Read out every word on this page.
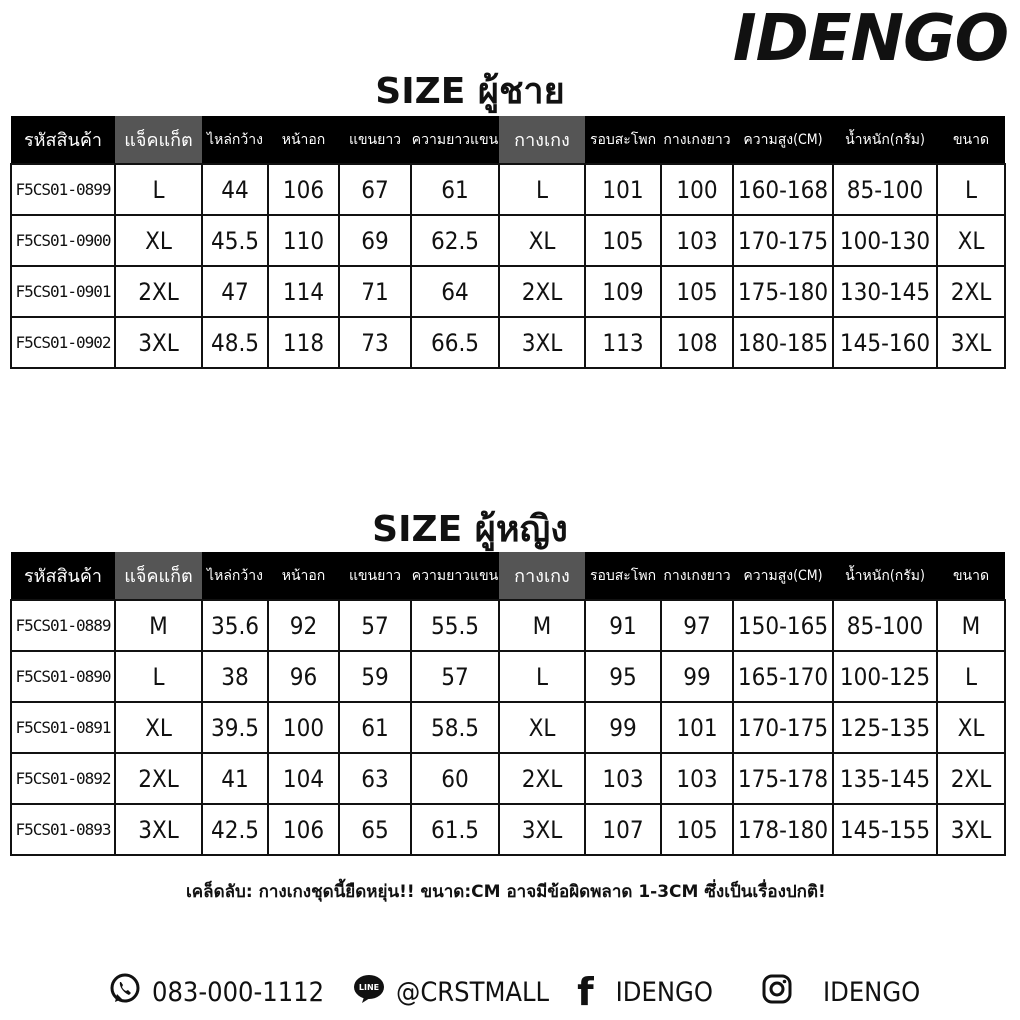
IDENGO
SIZE ผู้ชาย
รหัสสินค้า	แจ็คแก็ต	ไหล่กว้าง	หน้าอก	แขนยาว	ความยาวแขน	กางเกง	รอบสะโพก	กางเกงยาว	ความสูง(CM)	น้ำหนัก(กรัม)	ขนาด
F5CS01-0899	L	44	106	67	61	L	101	100	160-168	85-100	L
F5CS01-0900	XL	45.5	110	69	62.5	XL	105	103	170-175	100-130	XL
F5CS01-0901	2XL	47	114	71	64	2XL	109	105	175-180	130-145	2XL
F5CS01-0902	3XL	48.5	118	73	66.5	3XL	113	108	180-185	145-160	3XL
SIZE ผู้หญิง
รหัสสินค้า	แจ็คแก็ต	ไหล่กว้าง	หน้าอก	แขนยาว	ความยาวแขน	กางเกง	รอบสะโพก	กางเกงยาว	ความสูง(CM)	น้ำหนัก(กรัม)	ขนาด
F5CS01-0889	M	35.6	92	57	55.5	M	91	97	150-165	85-100	M
F5CS01-0890	L	38	96	59	57	L	95	99	165-170	100-125	L
F5CS01-0891	XL	39.5	100	61	58.5	XL	99	101	170-175	125-135	XL
F5CS01-0892	2XL	41	104	63	60	2XL	103	103	175-178	135-145	2XL
F5CS01-0893	3XL	42.5	106	65	61.5	3XL	107	105	178-180	145-155	3XL
เคล็ดลับ: กางเกงชุดนี้ยืดหยุ่น!! ขนาด:CM อาจมีข้อผิดพลาด 1-3CM ซึ่งเป็นเรื่องปกติ!
083-000-1112	LINE @CRSTMALL f IDENGO	IDENGO
